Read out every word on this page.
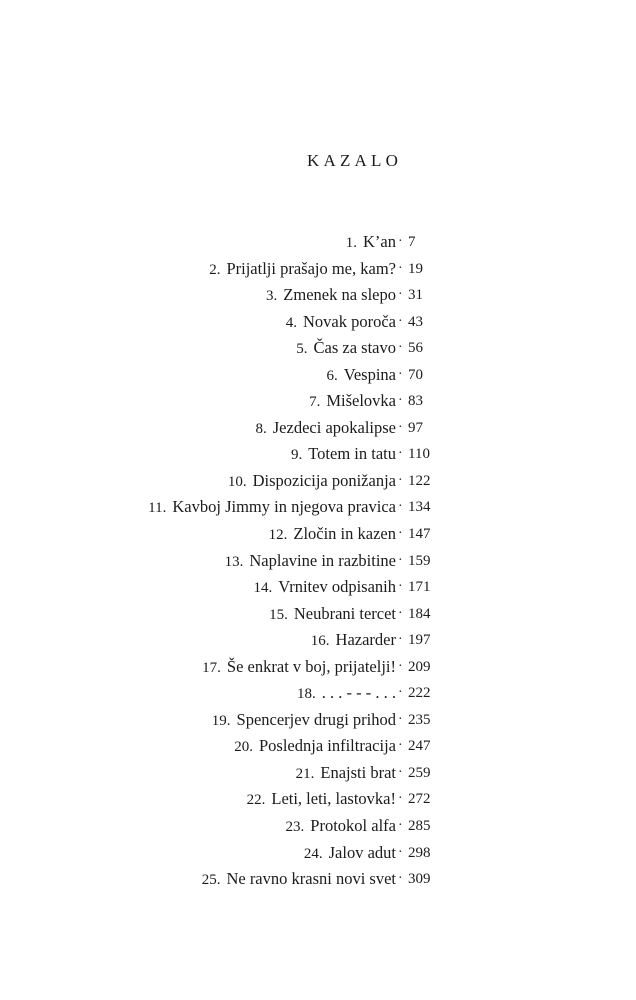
KAZALO
1. K’an · 7
2. Prijatlji prašajo me, kam? · 19
3. Zmenek na slepo · 31
4. Novak poroča · 43
5. Čas za stavo · 56
6. Vespina · 70
7. Mišelovka · 83
8. Jezdeci apokalipse · 97
9. Totem in tatu · 110
10. Dispozicija ponižanja · 122
11. Kavboj Jimmy in njegova pravica · 134
12. Zločin in kazen · 147
13. Naplavine in razbitine · 159
14. Vrnitev odpisanih · 171
15. Neubrani tercet · 184
16. Hazarder · 197
17. Še enkrat v boj, prijatelji! · 209
18. . . . - - - . . . · 222
19. Spencerjev drugi prihod · 235
20. Poslednja infiltracija · 247
21. Enajsti brat · 259
22. Leti, leti, lastovka! · 272
23. Protokol alfa · 285
24. Jalov adut · 298
25. Ne ravno krasni novi svet · 309
